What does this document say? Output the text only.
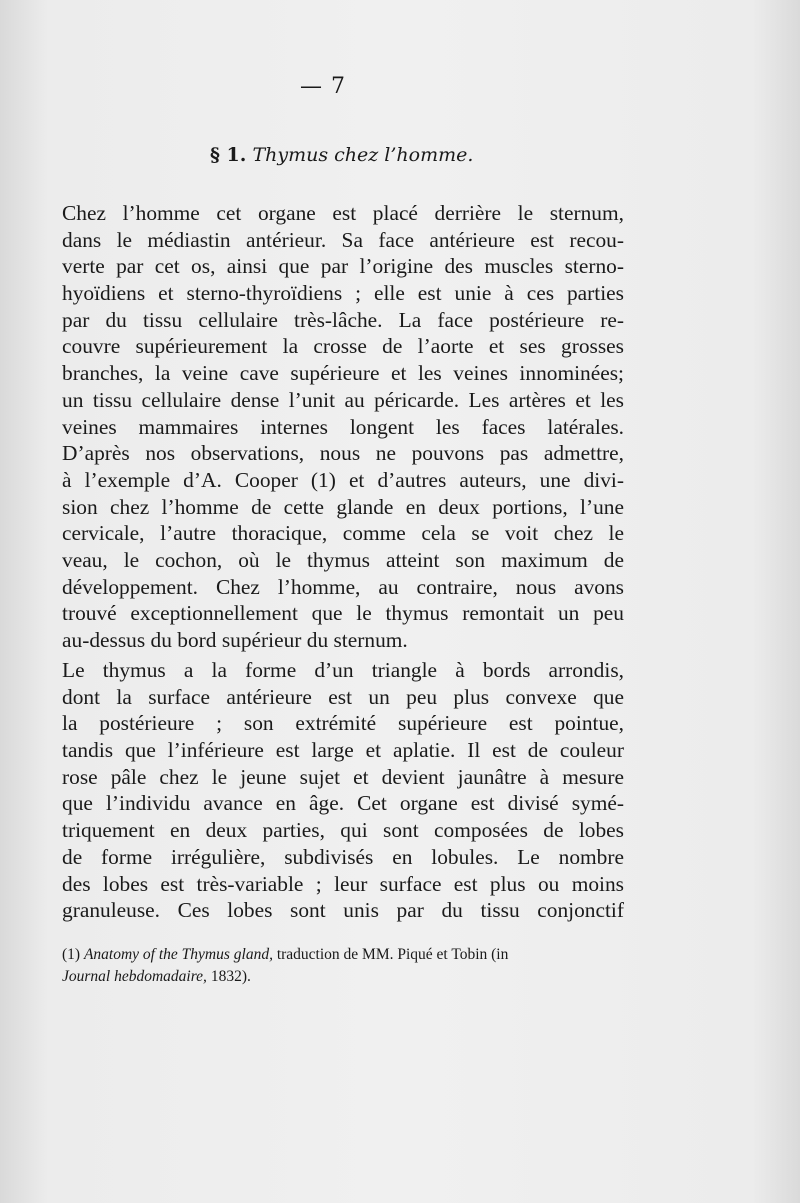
— 7
§ 1. Thymus chez l’homme.
Chez l’homme cet organe est placé derrière le sternum,
dans le médiastin antérieur. Sa face antérieure est recou-
verte par cet os, ainsi que par l’origine des muscles sterno-
hyoïdiens et sterno-thyroïdiens ; elle est unie à ces parties
par du tissu cellulaire très-lâche. La face postérieure re-
couvre supérieurement la crosse de l’aorte et ses grosses
branches, la veine cave supérieure et les veines innominées;
un tissu cellulaire dense l’unit au péricarde. Les artères et les
veines mammaires internes longent les faces latérales.
D’après nos observations, nous ne pouvons pas admettre,
à l’exemple d’A. Cooper (1) et d’autres auteurs, une divi-
sion chez l’homme de cette glande en deux portions, l’une
cervicale, l’autre thoracique, comme cela se voit chez le
veau, le cochon, où le thymus atteint son maximum de
développement. Chez l’homme, au contraire, nous avons
trouvé exceptionnellement que le thymus remontait un peu
au-dessus du bord supérieur du sternum.
Le thymus a la forme d’un triangle à bords arrondis,
dont la surface antérieure est un peu plus convexe que
la postérieure ; son extrémité supérieure est pointue,
tandis que l’inférieure est large et aplatie. Il est de couleur
rose pâle chez le jeune sujet et devient jaunâtre à mesure
que l’individu avance en âge. Cet organe est divisé symé-
triquement en deux parties, qui sont composées de lobes
de forme irrégulière, subdivisés en lobules. Le nombre
des lobes est très-variable ; leur surface est plus ou moins
granuleuse. Ces lobes sont unis par du tissu conjonctif
(1) Anatomy of the Thymus gland, traduction de MM. Piqué et Tobin (in
Journal hebdomadaire, 1832).
